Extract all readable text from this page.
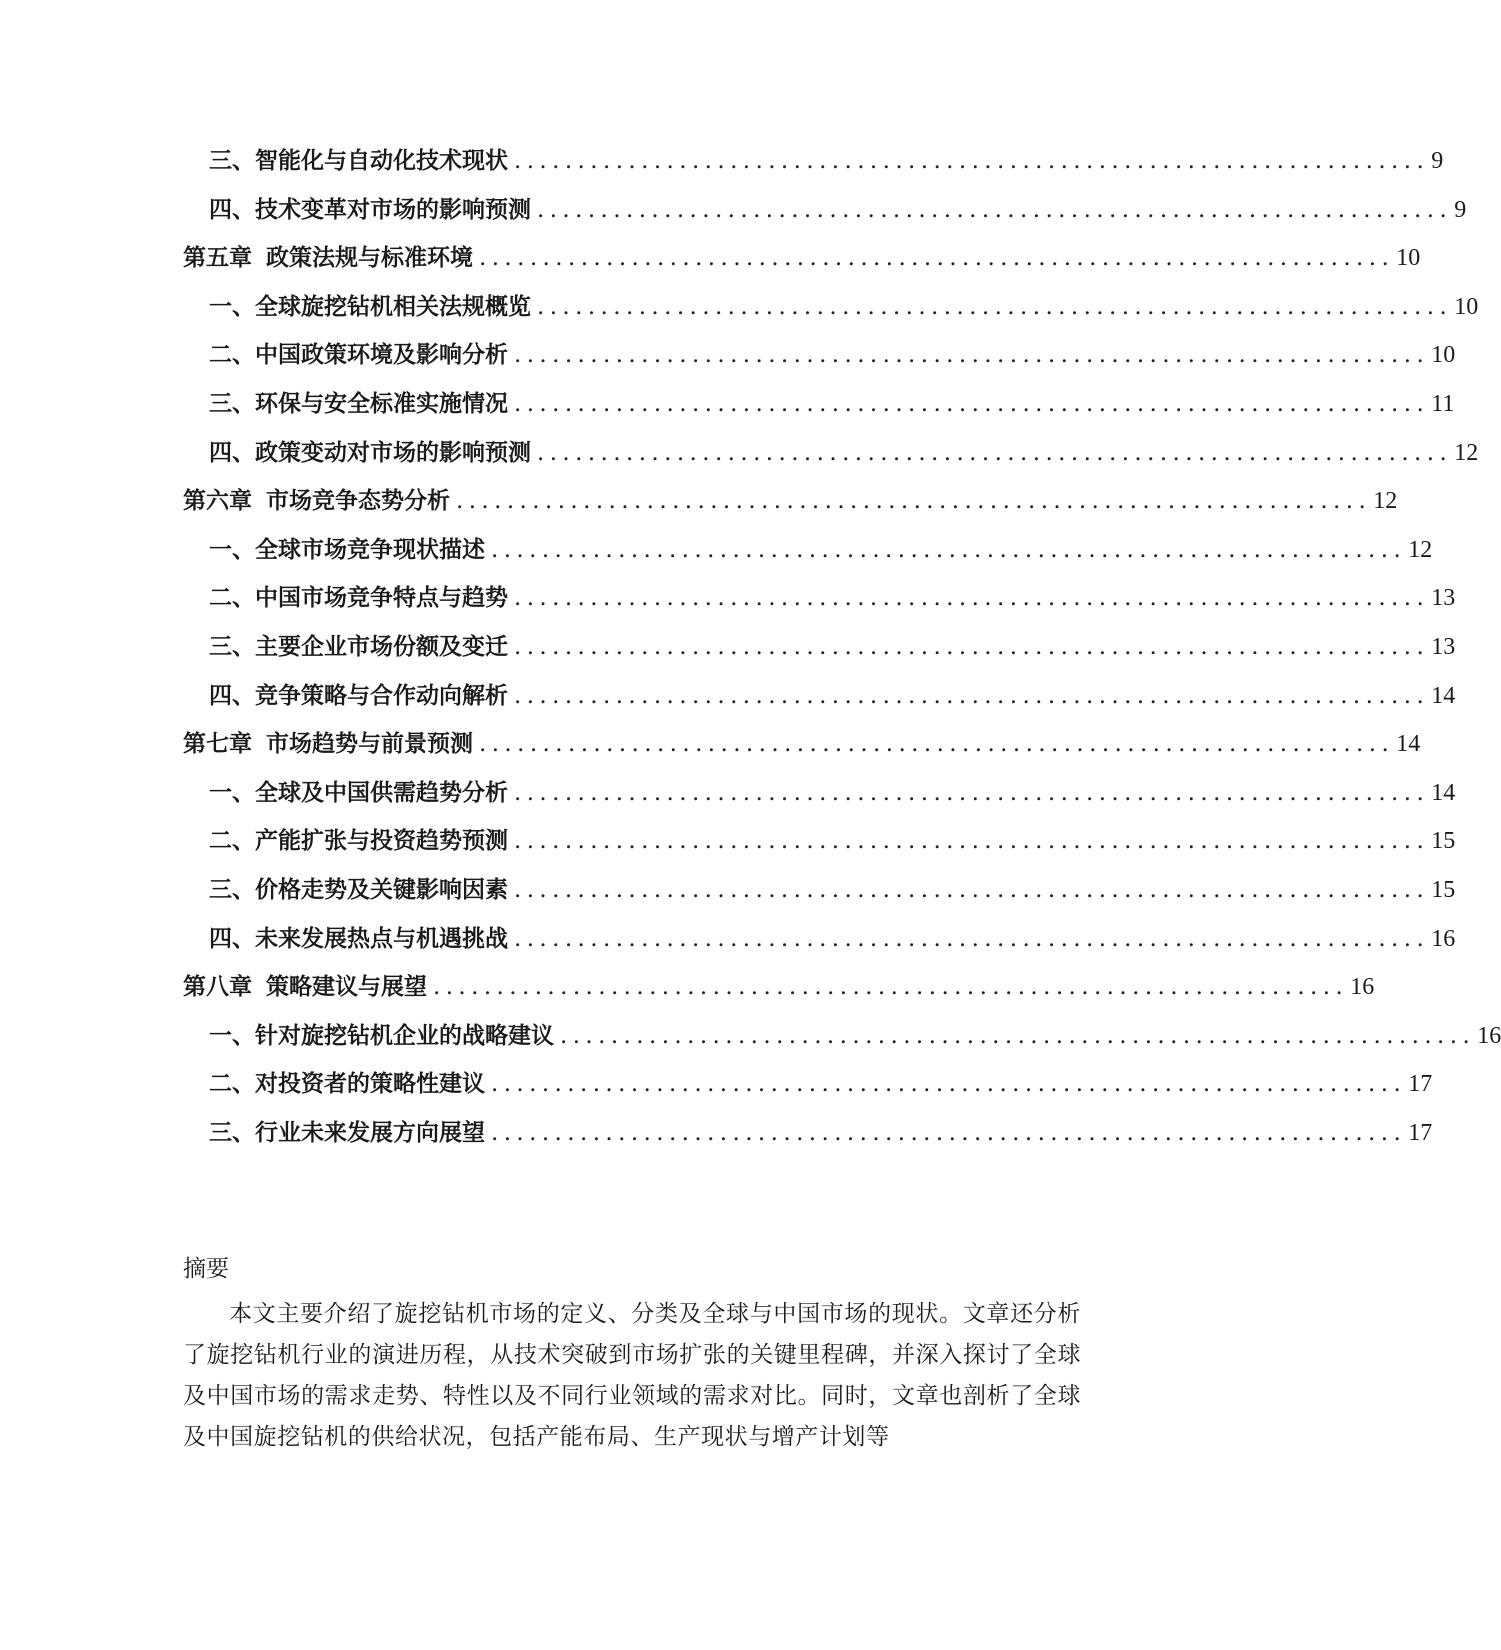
三、 智能化与自动化技术现状 ........................................................................ 9
四、 技术变革对市场的影响预测 ........................................................................ 9
第五章 政策法规与标准环境 ........................................................................ 10
一、 全球旋挖钻机相关法规概览 ........................................................................ 10
二、 中国政策环境及影响分析 ........................................................................ 10
三、 环保与安全标准实施情况 ........................................................................ 11
四、 政策变动对市场的影响预测 ........................................................................ 12
第六章 市场竞争态势分析 ........................................................................ 12
一、 全球市场竞争现状描述 ........................................................................ 12
二、 中国市场竞争特点与趋势 ........................................................................ 13
三、 主要企业市场份额及变迁 ........................................................................ 13
四、 竞争策略与合作动向解析 ........................................................................ 14
第七章 市场趋势与前景预测 ........................................................................ 14
一、 全球及中国供需趋势分析 ........................................................................ 14
二、 产能扩张与投资趋势预测 ........................................................................ 15
三、 价格走势及关键影响因素 ........................................................................ 15
四、 未来发展热点与机遇挑战 ........................................................................ 16
第八章 策略建议与展望 ........................................................................ 16
一、 针对旋挖钻机企业的战略建议 ........................................................................ 16
二、 对投资者的策略性建议 ........................................................................ 17
三、 行业未来发展方向展望 ........................................................................ 17

摘要

本文主要介绍了旋挖钻机市场的定义、分类及全球与中国市场的现状。文章还分析了旋挖钻机行业的演进历程，从技术突破到市场扩张的关键里程碑，并深入探讨了全球及中国市场的需求走势、特性以及不同行业领域的需求对比。同时，文章也剖析了全球及中国旋挖钻机的供给状况，包括产能布局、生产现状与增产计划等
